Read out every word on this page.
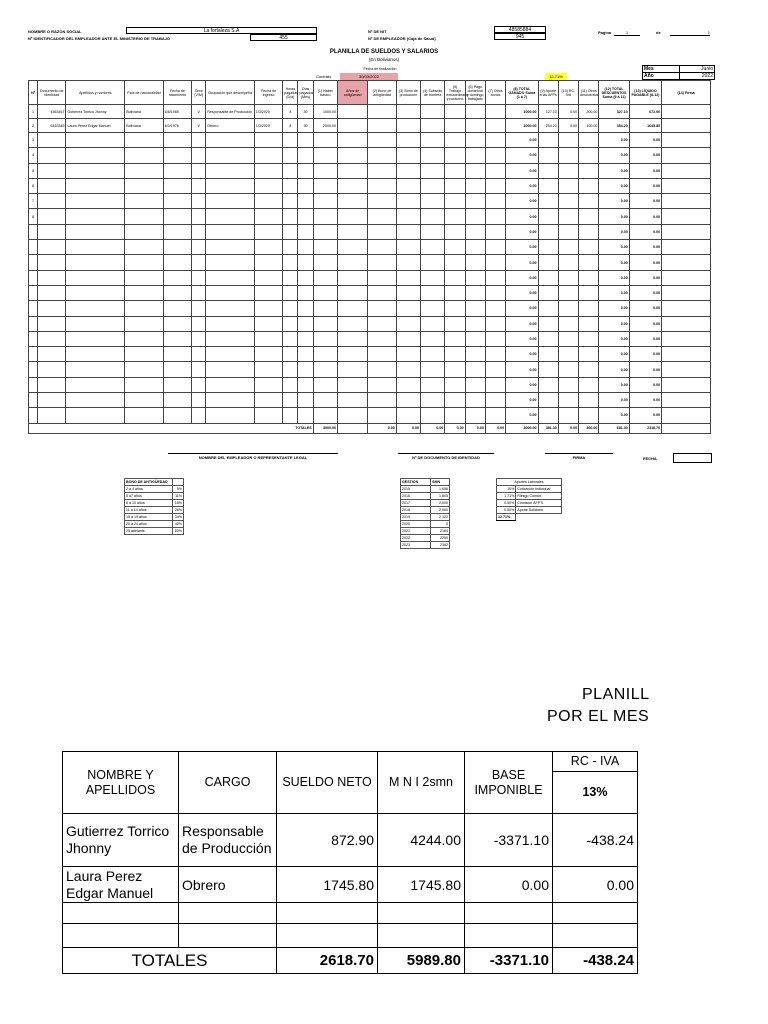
NOMBRE O RAZON SOCIAL	La fortaleza S.A
Nº IDENTIFICADOR DEL EMPLEADOR ANTE EL MINISTERIO DE TRABAJO	455
Nº DE NIT	48585884
Nº DE EMPLEADOR (Caja de Salud)	945
Pagina	1	de	1
PLANILLA DE SUELDOS Y SALARIOS
(En Bolivianos)
Fecha de finalización
Contrato	30/03/2022	12.71%
Mes	Junio
Año	2022
Nº	Documento de identidad	Apellidos y nombres	País de nacionalidad	Fecha de nacimiento	Sexo (V/M)	Ocupación que desempeña	Fecha de ingreso	Horas pagadas (Día)	Días pagados (Mes)	(1) Haber básico	Años de antigüedad	(2) Bono de antigüedad	(3) Bono de producción	(4) Subsidio de frontera	(5) Trabajo extraordinario y nocturno	(6) Pago dominical y domingo trabajado	(7) Otros bonos	(8) TOTAL GANADO Suma (1 a 7)	(9) Aporte a las AFPs	(10) RC-IVA	(11) Otros descuentos	(12) TOTAL DESCUENTOS Suma (9 a 11)	(13) LÍQUIDO PAGABLE (8-12)	(14) Firma
1	4563457	Gutierrez Torrico Jhonny	Boliviana	6/8/1985	V	Responsable de Producción	1/3/2020	8	30	1000.00								1000.00	127.10	0.00	200.00	327.10	672.90	
2	6453345	Laura Perez Edgar Manuel	Boliviana	6/3/1976	V	Obrero	1/3/2020	8	30	2000.00								2000.00	254.20	0.00	100.00	354.20	1645.80	
3																		0.00				0.00	0.00	
4																		0.00				0.00	0.00	
5																		0.00				0.00	0.00	
6																		0.00				0.00	0.00	
7																		0.00				0.00	0.00	
8																		0.00				0.00	0.00	
																		0.00				0.00	0.00	
																		0.00				0.00	0.00	
																		0.00				0.00	0.00	
																		0.00				0.00	0.00	
																		0.00				0.00	0.00	
																		0.00				0.00	0.00	
																		0.00				0.00	0.00	
																		0.00				0.00	0.00	
																		0.00				0.00	0.00	
																		0.00				0.00	0.00	
																		0.00				0.00	0.00	
																		0.00				0.00	0.00	
																		0.00				0.00	0.00	
TOTALES										3000.00		0.00	0.00	0.00	0.00	0.00	0.00	3000.00	381.30	0.00	300.00	681.30	2318.70	
NOMBRE DEL EMPLEADOR O REPRESENTANTE LEGAL	Nº DE DOCUMENTO DE IDENTIDAD	FIRMA	FECHA
BONO DE ANTIGÜEDAD	
2 a 4 años	5%
5 a7 años	11%
8 a 10 años	18%
11 a 14 años	26%
15 a 19 años	34%
20 a 24 años	42%
25 adelante	50%
GESTION	SMN
2015	1,656
2016	1,805
2017	2,000
2018	2,060
2019	2,122
2020	0
2021	2164
2022	2250
2023	2362
Aportes Laborales	
10%	Cotización Individual
1.71%	Riesgo Común
0.50%	Comisión AFP'S
0.50%	Aporte Solidario
12.71%	
PLANILL
POR EL MES
NOMBRE Y APELLIDOS	CARGO	SUELDO NETO	M N I 2smn	BASE IMPONIBLE	RC - IVA
					13%
Gutierrez Torrico Jhonny	Responsable de Producción	872.90	4244.00	-3371.10	-438.24
Laura Perez Edgar Manuel	Obrero	1745.80	1745.80	0.00	0.00

TOTALES		2618.70	5989.80	-3371.10	-438.24
